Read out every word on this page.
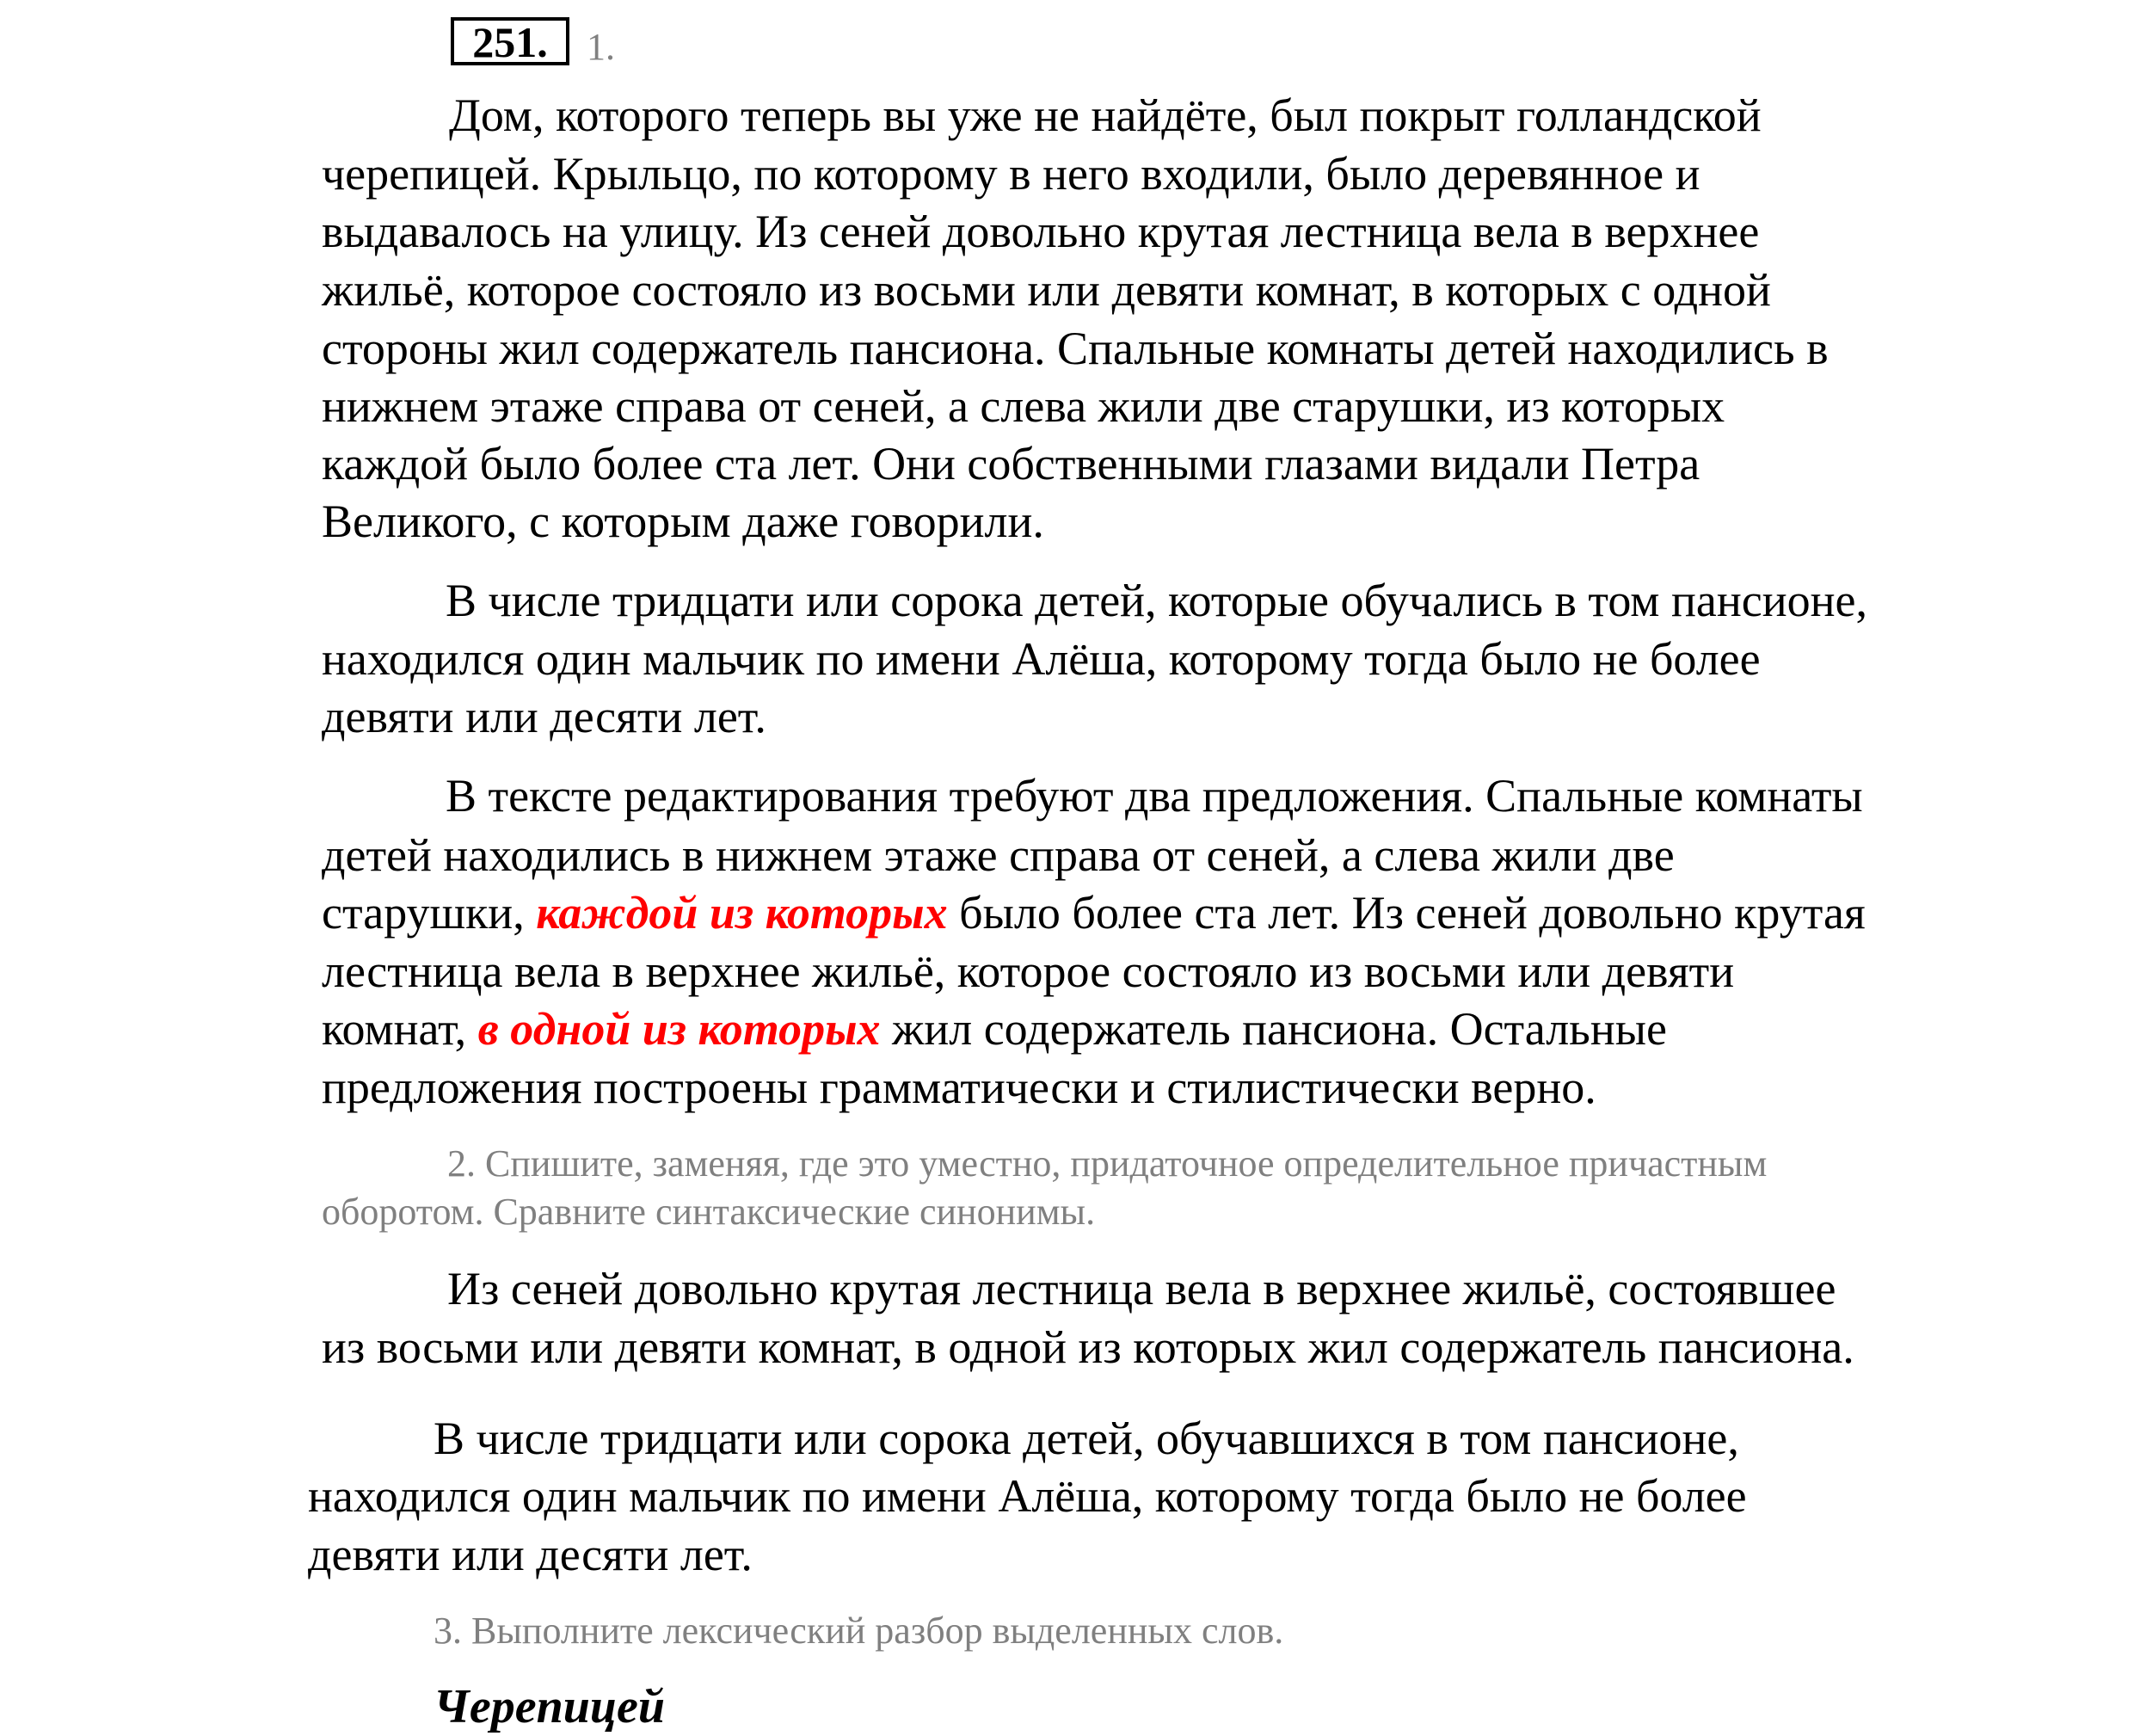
251.	1.
Дом, которого теперь вы уже не найдёте, был покрыт голландской
черепицей. Крыльцо, по которому в него входили, было деревянное и
выдавалось на улицу. Из сеней довольно крутая лестница вела в верхнее
жильё, которое состояло из восьми или девяти комнат, в которых с одной
стороны жил содержатель пансиона. Спальные комнаты детей находились в
нижнем этаже справа от сеней, а слева жили две старушки, из которых
каждой было более ста лет. Они собственными глазами видали Петра
Великого, с которым даже говорили.
В числе тридцати или сорока детей, которые обучались в том пансионе,
находился один мальчик по имени Алёша, которому тогда было не более
девяти или десяти лет.
В тексте редактирования требуют два предложения. Спальные комнаты
детей находились в нижнем этаже справа от сеней, а слева жили две
старушки, каждой из которых было более ста лет. Из сеней довольно крутая
лестница вела в верхнее жильё, которое состояло из восьми или девяти
комнат, в одной из которых жил содержатель пансиона. Остальные
предложения построены грамматически и стилистически верно.
2. Спишите, заменяя, где это уместно, придаточное определительное причастным
оборотом. Сравните синтаксические синонимы.
Из сеней довольно крутая лестница вела в верхнее жильё, состоявшее
из восьми или девяти комнат, в одной из которых жил содержатель пансиона.
В числе тридцати или сорока детей, обучавшихся в том пансионе,
находился один мальчик по имени Алёша, которому тогда было не более
девяти или десяти лет.
3. Выполните лексический разбор выделенных слов.
Черепицей
